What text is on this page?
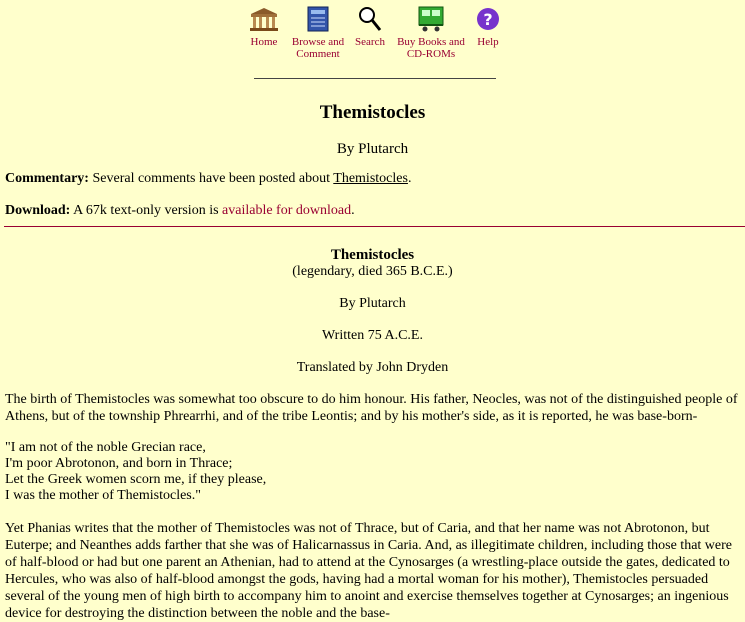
Home	Browse and
Comment
Search Buy Books and
CD-ROMs
?
Help
Themistocles
By Plutarch
Commentary: Several comments have been posted about Themistocles.
Download: A 67k text-only version is available for download.
Themistocles
(legendary, died 365 B.C.E.)
By Plutarch
Written 75 A.C.E.
Translated by John Dryden
The birth of Themistocles was somewhat too obscure to do him honour. His father, Neocles, was not of the distinguished people of Athens, but of the township Phrearrhi, and of the tribe Leontis; and by his mother's side, as it is reported, he was base-born-
"I am not of the noble Grecian race,
I'm poor Abrotonon, and born in Thrace;
Let the Greek women scorn me, if they please,
I was the mother of Themistocles."
Yet Phanias writes that the mother of Themistocles was not of Thrace, but of Caria, and that her name was not Abrotonon, but Euterpe; and Neanthes adds farther that she was of Halicarnassus in Caria. And, as illegitimate children, including those that were of half-blood or had but one parent an Athenian, had to attend at the Cynosarges (a wrestling-place outside the gates, dedicated to Hercules, who was also of half-blood amongst the gods, having had a mortal woman for his mother), Themistocles persuaded several of the young men of high birth to accompany him to anoint and exercise themselves together at Cynosarges; an ingenious device for destroying the distinction between the noble and the base-
